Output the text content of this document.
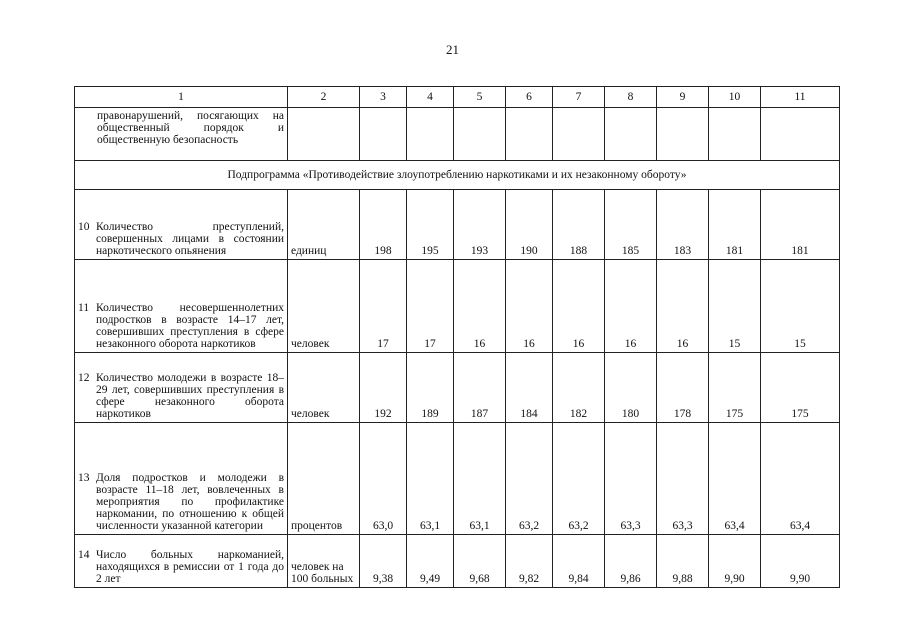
21
1	2	3	4	5	6	7	8	9	10	11
правонарушений, посягающих на общественный порядок и общественную безопасность										
Подпрограмма «Противодействие злоупотреблению наркотиками и их незаконному обороту»										

10 Количество преступлений, совершенных лицами в состоянии наркотического опьянения	единиц	198	195	193	190	188	185	183	181	181

11 Количество несовершеннолетних подростков в возрасте 14–17 лет, совершивших преступления в сфере незаконного оборота наркотиков	человек	17	17	16	16	16	16	16	15	15

12 Количество молодежи в возрасте 18–29 лет, совершивших преступления в сфере незаконного оборота наркотиков	человек	192	189	187	184	182	180	178	175	175

13 Доля подростков и молодежи в возрасте 11–18 лет, вовлеченных в мероприятия по профилактике наркомании, по отношению к общей численности указанной категории	процентов	63,0	63,1	63,1	63,2	63,2	63,3	63,3	63,4	63,4

14 Число больных наркоманией, находящихся в ремиссии от 1 года до 2 лет	человек на 100 больных	9,38	9,49	9,68	9,82	9,84	9,86	9,88	9,90	9,90
